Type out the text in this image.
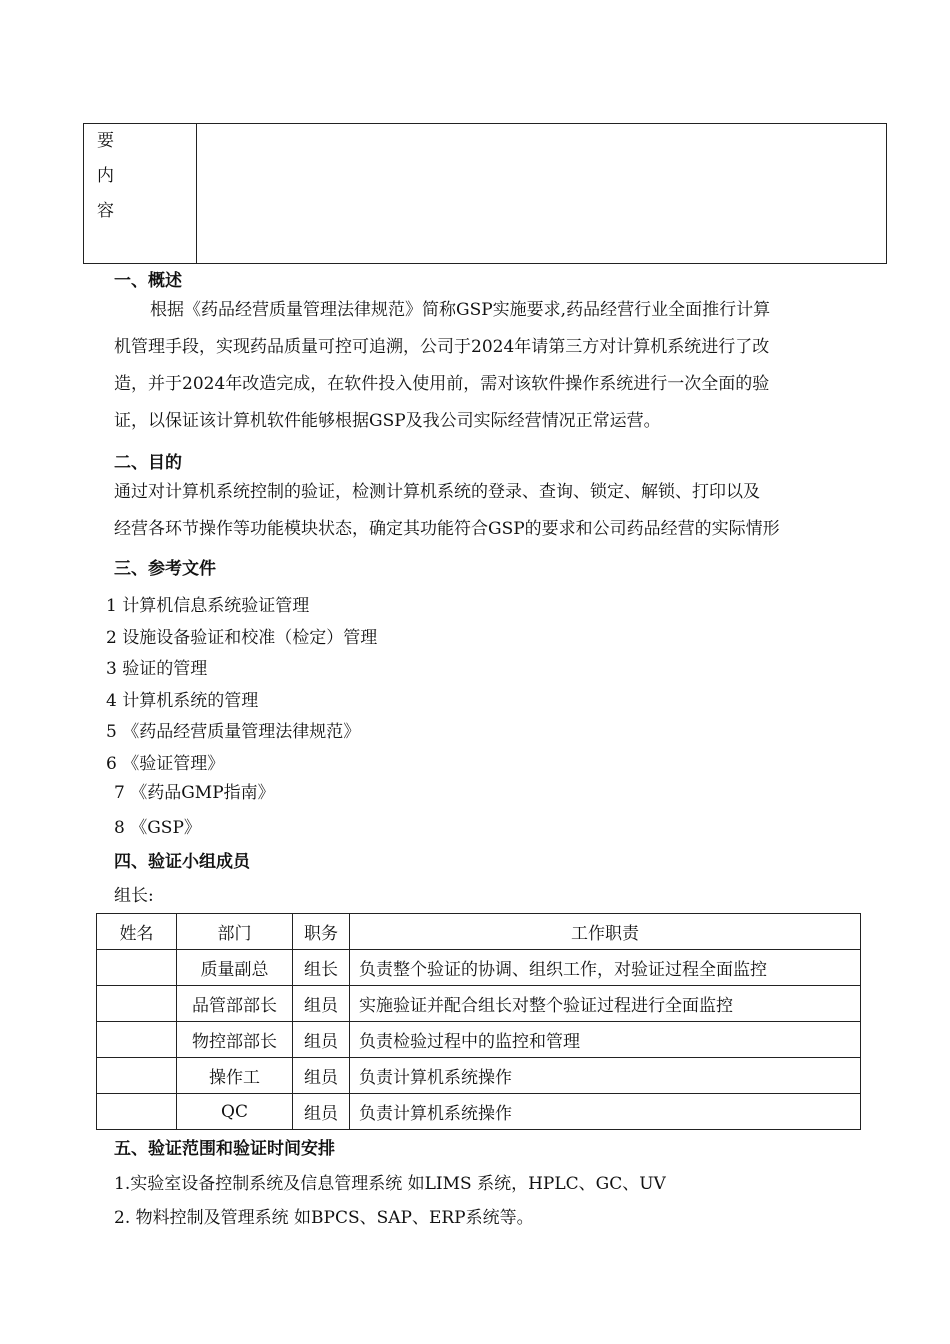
要
内
容
一、概述
根据《药品经营质量管理法律规范》简称GSP实施要求,药品经营行业全面推行计算
机管理手段，实现药品质量可控可追溯，公司于2024年请第三方对计算机系统进行了改
造，并于2024年改造完成，在软件投入使用前，需对该软件操作系统进行一次全面的验
证，以保证该计算机软件能够根据GSP及我公司实际经营情况正常运营。
二、目的
通过对计算机系统控制的验证，检测计算机系统的登录、查询、锁定、解锁、打印以及
经营各环节操作等功能模块状态，确定其功能符合GSP的要求和公司药品经营的实际情形
三、参考文件
1 计算机信息系统验证管理
2 设施设备验证和校准（检定）管理
3 验证的管理
4 计算机系统的管理
5 《药品经营质量管理法律规范》
6 《验证管理》
7 《药品GMP指南》
8 《GSP》
四、验证小组成员
组长:
姓名	部门	职务	工作职责
	质量副总	组长	负责整个验证的协调、组织工作，对验证过程全面监控
	品管部部长	组员	实施验证并配合组长对整个验证过程进行全面监控
	物控部部长	组员	负责检验过程中的监控和管理
	操作工	组员	负责计算机系统操作
	QC	组员	负责计算机系统操作
五、验证范围和验证时间安排
1.实验室设备控制系统及信息管理系统 如LIMS 系统，HPLC、GC、UV
2. 物料控制及管理系统 如BPCS、SAP、ERP系统等。
